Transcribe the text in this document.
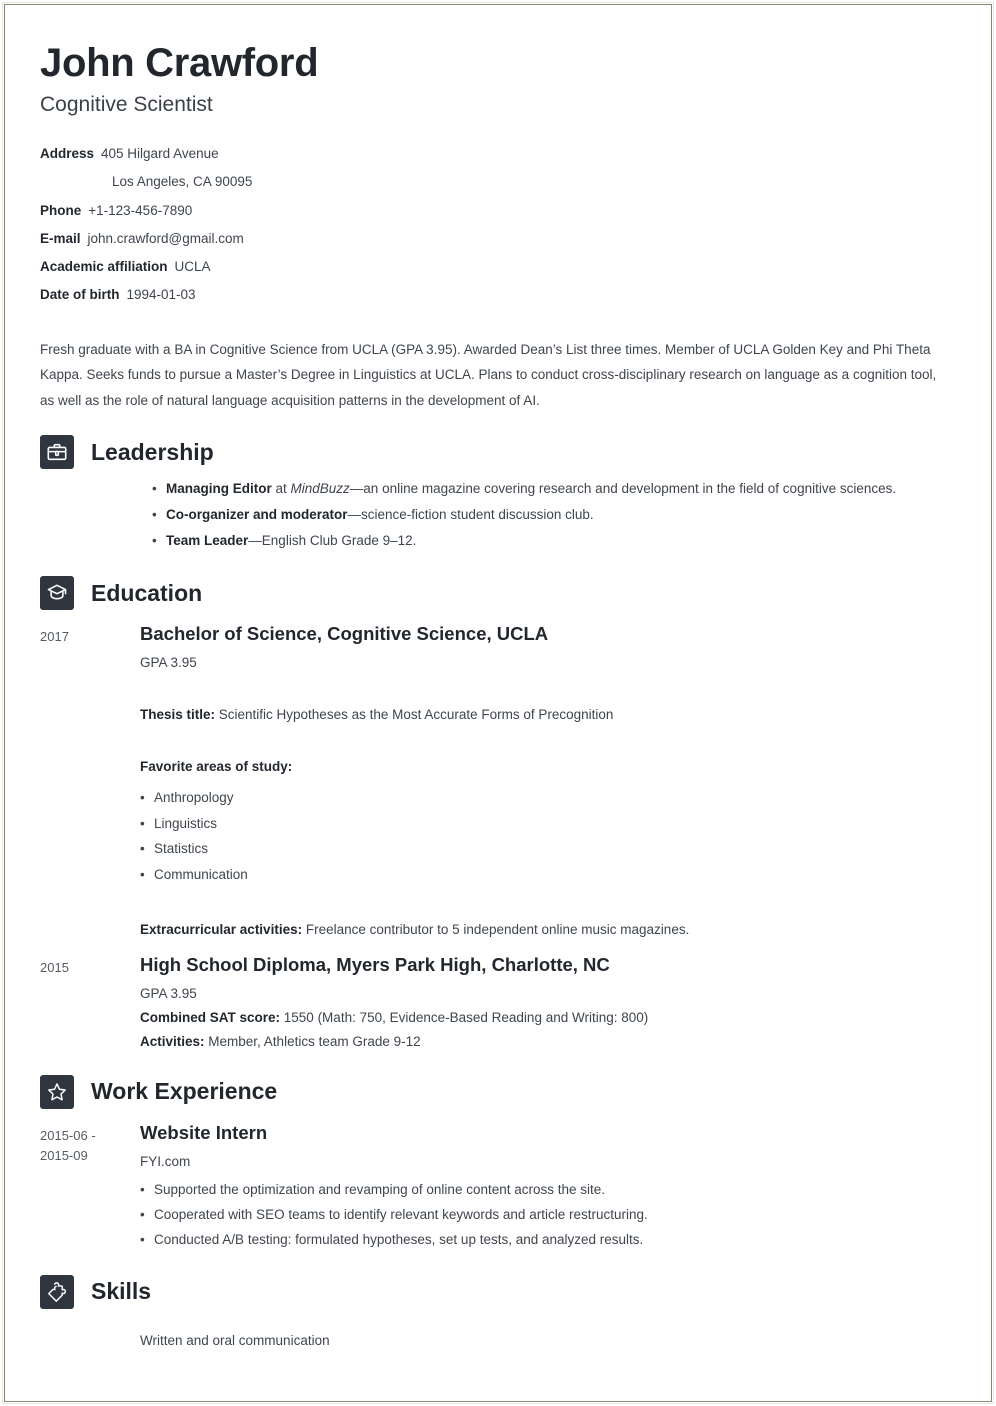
John Crawford
Cognitive Scientist
Address 405 Hilgard Avenue
Los Angeles, CA 90095
Phone +1-123-456-7890
E-mail john.crawford@gmail.com
Academic affiliation UCLA
Date of birth 1994-01-03
Fresh graduate with a BA in Cognitive Science from UCLA (GPA 3.95). Awarded Dean’s List three times. Member of UCLA Golden Key and Phi Theta Kappa. Seeks funds to pursue a Master’s Degree in Linguistics at UCLA. Plans to conduct cross-disciplinary research on language as a cognition tool, as well as the role of natural language acquisition patterns in the development of AI.
Leadership
• Managing Editor at MindBuzz—an online magazine covering research and development in the field of cognitive sciences.
• Co-organizer and moderator—science-fiction student discussion club.
• Team Leader—English Club Grade 9–12.
Education
2017	Bachelor of Science, Cognitive Science, UCLA
GPA 3.95
Thesis title: Scientific Hypotheses as the Most Accurate Forms of Precognition
Favorite areas of study:
• Anthropology
• Linguistics
• Statistics
• Communication
Extracurricular activities: Freelance contributor to 5 independent online music magazines.
2015	High School Diploma, Myers Park High, Charlotte, NC
GPA 3.95
Combined SAT score: 1550 (Math: 750, Evidence-Based Reading and Writing: 800)
Activities: Member, Athletics team Grade 9-12
Work Experience
2015-06 -
2015-09
Website Intern
FYI.com
• Supported the optimization and revamping of online content across the site.
• Cooperated with SEO teams to identify relevant keywords and article restructuring.
• Conducted A/B testing: formulated hypotheses, set up tests, and analyzed results.
Skills
Written and oral communication
